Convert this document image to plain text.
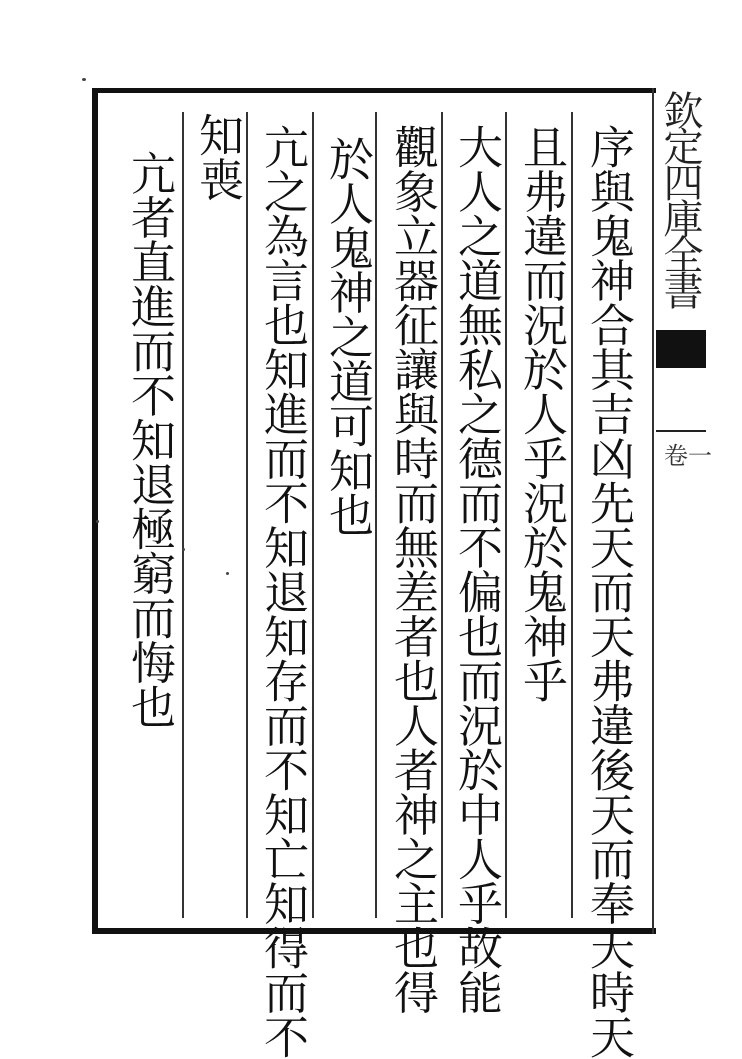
欽定四庫全書
卷一
序與鬼神合其吉凶先天而天弗違後天而奉天時天
且弗違而況於人乎況於鬼神乎
大人之道無私之德而不偏也而況於中人乎故能
觀象立器征讓與時而無差者也人者神之主也得
於人鬼神之道可知也
亢之為言也知進而不知退知存而不知亡知得而不
知喪
亢者直進而不知退極窮而悔也
